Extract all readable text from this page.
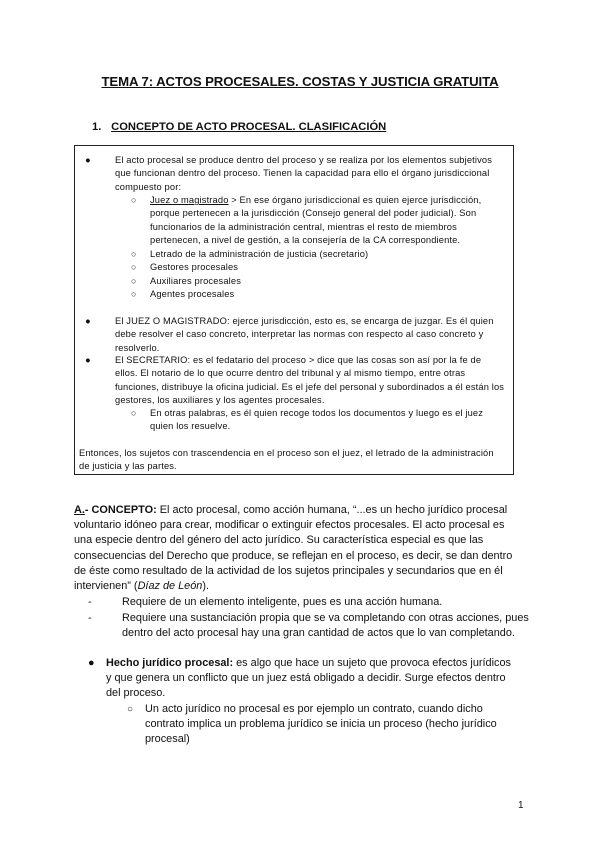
TEMA 7: ACTOS PROCESALES. COSTAS Y JUSTICIA GRATUITA
1. CONCEPTO DE ACTO PROCESAL. CLASIFICACIÓN
●	El acto procesal se produce dentro del proceso y se realiza por los elementos subjetivos
que funcionan dentro del proceso. Tienen la capacidad para ello el órgano jurisdiccional
compuesto por:
○ Juez o magistrado > En ese órgano jurisdiccional es quien ejerce jurisdicción,
porque pertenecen a la jurisdicción (Consejo general del poder judicial). Son
funcionarios de la administración central, mientras el resto de miembros
pertenecen, a nivel de gestión, a la consejería de la CA correspondiente.
○ Letrado de la administración de justicia (secretario)
○ Gestores procesales
○ Auxiliares procesales
○ Agentes procesales
●	El JUEZ O MAGISTRADO: ejerce jurisdicción, esto es, se encarga de juzgar. Es él quien
debe resolver el caso concreto, interpretar las normas con respecto al caso concreto y
resolverlo.
●	El SECRETARIO: es el fedatario del proceso > dice que las cosas son así por la fe de
ellos. El notario de lo que ocurre dentro del tribunal y al mismo tiempo, entre otras
funciones, distribuye la oficina judicial. Es el jefe del personal y subordinados a él están los
gestores, los auxiliares y los agentes procesales.
○ En otras palabras, es él quien recoge todos los documentos y luego es el juez
quien los resuelve.
Entonces, los sujetos con trascendencia en el proceso son el juez, el letrado de la administración
de justicia y las partes.
A.- CONCEPTO: El acto procesal, como acción humana, “...es un hecho jurídico procesal
voluntario idóneo para crear, modificar o extinguir efectos procesales. El acto procesal es
una especie dentro del género del acto jurídico. Su característica especial es que las
consecuencias del Derecho que produce, se reflejan en el proceso, es decir, se dan dentro
de éste como resultado de la actividad de los sujetos principales y secundarios que en él
intervienen” (Díaz de León).
-	Requiere de un elemento inteligente, pues es una acción humana.
-	Requiere una sustanciación propia que se va completando con otras acciones, pues
dentro del acto procesal hay una gran cantidad de actos que lo van completando.
● Hecho jurídico procesal: es algo que hace un sujeto que provoca efectos jurídicos
y que genera un conflicto que un juez está obligado a decidir. Surge efectos dentro
del proceso.
○ Un acto jurídico no procesal es por ejemplo un contrato, cuando dicho
contrato implica un problema jurídico se inicia un proceso (hecho jurídico
procesal)
1
